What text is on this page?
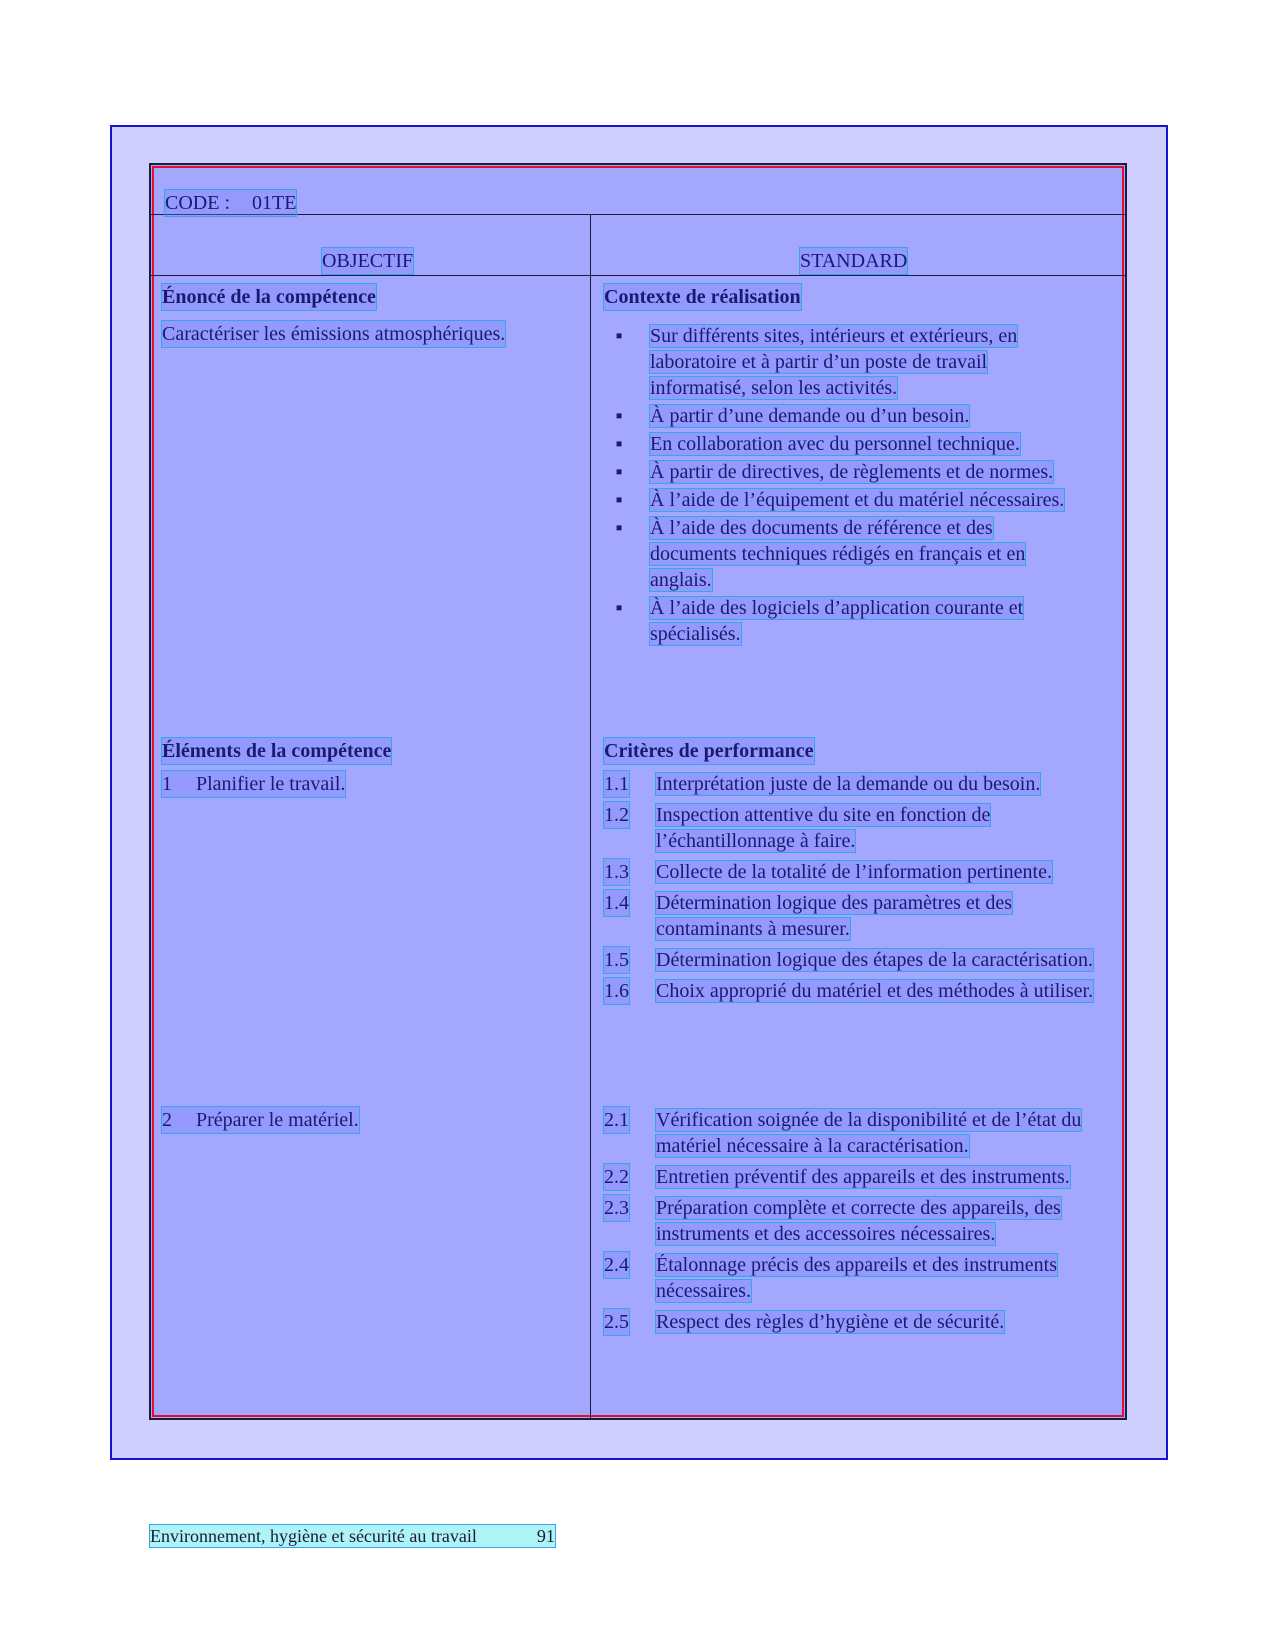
CODE : 01TE
OBJECTIF	STANDARD
Énoncé de la compétence
Caractériser les émissions atmosphériques.
Éléments de la compétence
1 Planifier le travail.
2 Préparer le matériel.
Contexte de réalisation
▪ Sur différents sites, intérieurs et extérieurs, en laboratoire et à partir d’un poste de travail informatisé, selon les activités.
▪ À partir d’une demande ou d’un besoin.
▪ En collaboration avec du personnel technique.
▪ À partir de directives, de règlements et de normes.
▪ À l’aide de l’équipement et du matériel nécessaires.
▪ À l’aide des documents de référence et des documents techniques rédigés en français et en anglais.
▪ À l’aide des logiciels d’application courante et spécialisés.
Critères de performance
1.1 Interprétation juste de la demande ou du besoin.
1.2 Inspection attentive du site en fonction de l’échantillonnage à faire.
1.3 Collecte de la totalité de l’information pertinente.
1.4 Détermination logique des paramètres et des contaminants à mesurer.
1.5 Détermination logique des étapes de la caractérisation.
1.6 Choix approprié du matériel et des méthodes à utiliser.
2.1 Vérification soignée de la disponibilité et de l’état du matériel nécessaire à la caractérisation.
2.2 Entretien préventif des appareils et des instruments.
2.3 Préparation complète et correcte des appareils, des instruments et des accessoires nécessaires.
2.4 Étalonnage précis des appareils et des instruments nécessaires.
2.5 Respect des règles d’hygiène et de sécurité.
Environnement, hygiène et sécurité au travail	91
